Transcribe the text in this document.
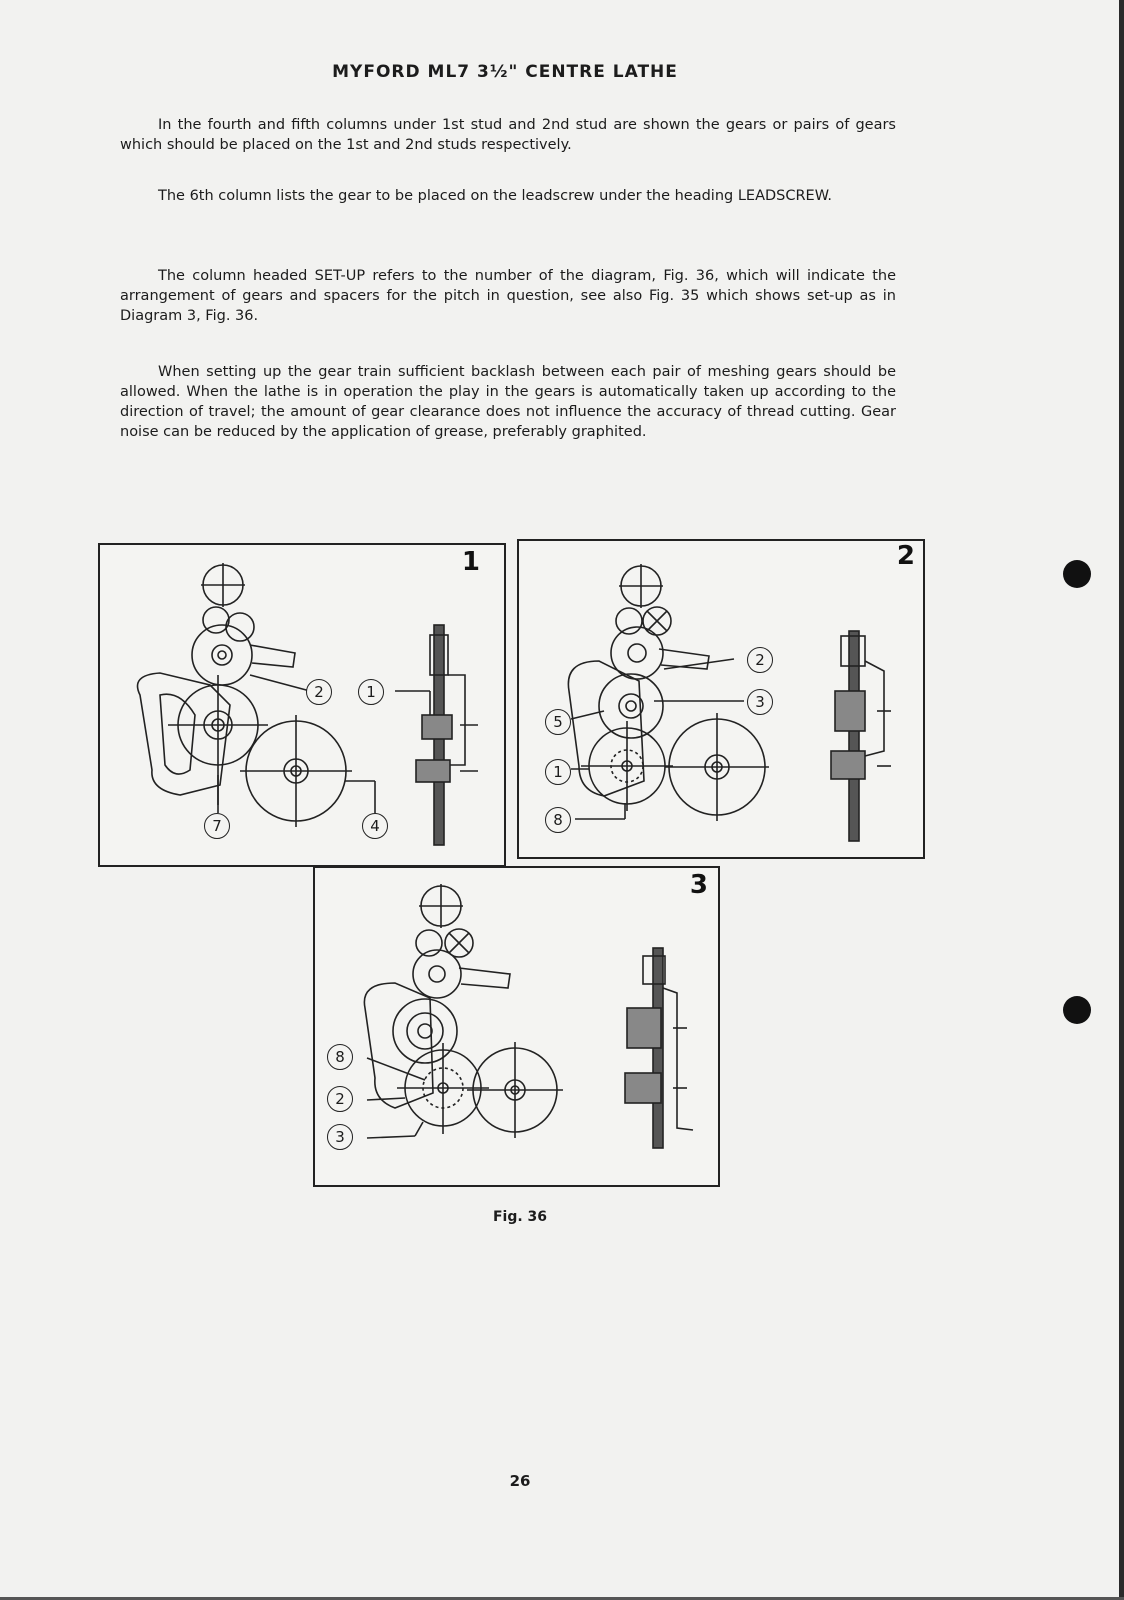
MYFORD ML7 3½" CENTRE LATHE
In the fourth and fifth columns under 1st stud and 2nd stud are shown the gears or pairs of gears which should be placed on the 1st and 2nd studs respectively.
The 6th column lists the gear to be placed on the leadscrew under the heading LEADSCREW.
The column headed SET-UP refers to the number of the diagram, Fig. 36, which will indicate the arrangement of gears and spacers for the pitch in question, see also Fig. 35 which shows set-up as in Diagram 3, Fig. 36.
When setting up the gear train sufficient backlash between each pair of meshing gears should be allowed. When the lathe is in operation the play in the gears is automatically taken up according to the direction of travel; the amount of gear clearance does not influence the accuracy of thread cutting. Gear noise can be reduced by the application of grease, preferably graphited.
1
2	1
7	4
2
2
3
5
1
8
3
8
2
3
Fig. 36
26
